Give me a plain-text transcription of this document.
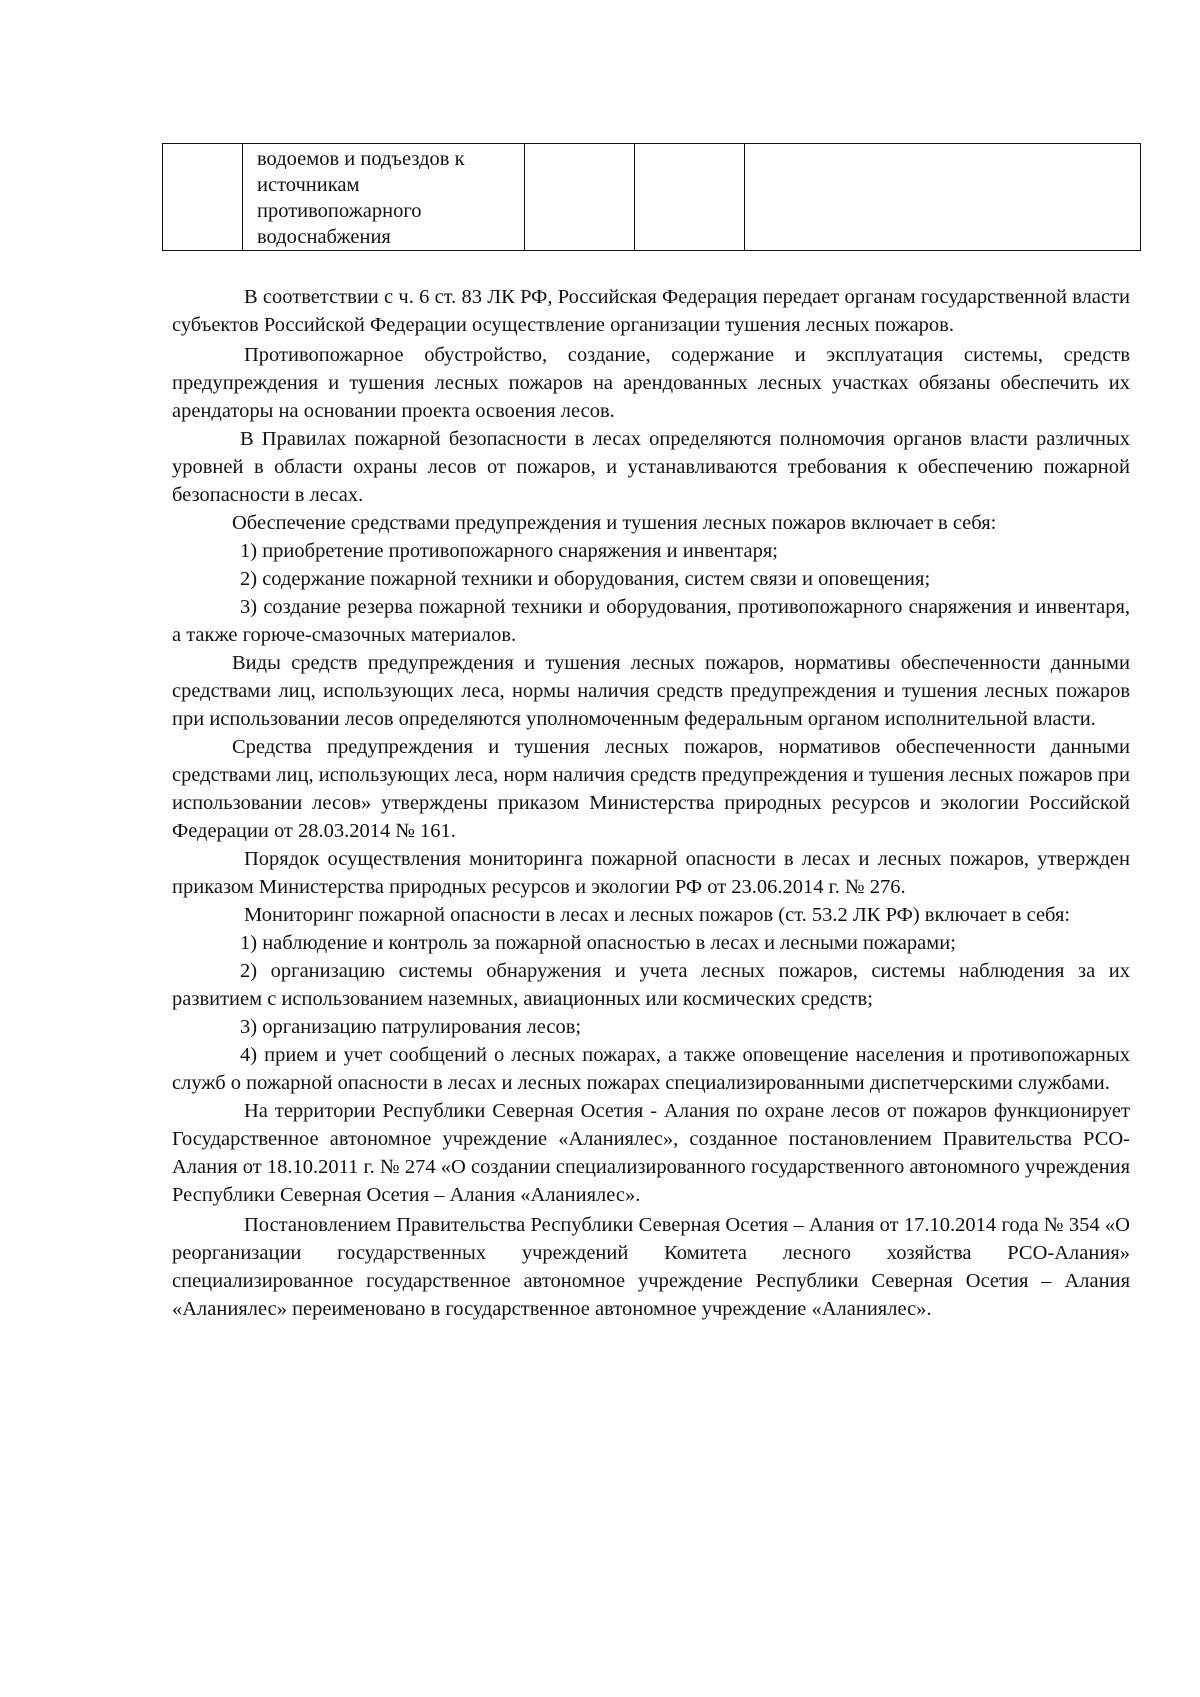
водоемов и подъездов к
источникам
противопожарного
водоснабжения

В соответствии с ч. 6 ст. 83 ЛК РФ, Российская Федерация передает органам государственной власти субъектов Российской Федерации осуществление организации тушения лесных пожаров.

Противопожарное обустройство, создание, содержание и эксплуатация системы, средств предупреждения и тушения лесных пожаров на арендованных лесных участках обязаны обеспечить их арендаторы на основании проекта освоения лесов.

В Правилах пожарной безопасности в лесах определяются полномочия органов власти различных уровней в области охраны лесов от пожаров, и устанавливаются требования к обеспечению пожарной безопасности в лесах.

Обеспечение средствами предупреждения и тушения лесных пожаров включает в себя:

1) приобретение противопожарного снаряжения и инвентаря;

2) содержание пожарной техники и оборудования, систем связи и оповещения;

3) создание резерва пожарной техники и оборудования, противопожарного снаряжения и инвентаря, а также горюче-смазочных материалов.

Виды средств предупреждения и тушения лесных пожаров, нормативы обеспеченности данными средствами лиц, использующих леса, нормы наличия средств предупреждения и тушения лесных пожаров при использовании лесов определяются уполномоченным федеральным органом исполнительной власти.

Средства предупреждения и тушения лесных пожаров, нормативов обеспеченности данными средствами лиц, использующих леса, норм наличия средств предупреждения и тушения лесных пожаров при использовании лесов» утверждены приказом Министерства природных ресурсов и экологии Российской Федерации от 28.03.2014 № 161.

Порядок осуществления мониторинга пожарной опасности в лесах и лесных пожаров, утвержден приказом Министерства природных ресурсов и экологии РФ от 23.06.2014 г. № 276.

Мониторинг пожарной опасности в лесах и лесных пожаров (ст. 53.2 ЛК РФ) включает в себя:

1) наблюдение и контроль за пожарной опасностью в лесах и лесными пожарами;

2) организацию системы обнаружения и учета лесных пожаров, системы наблюдения за их развитием с использованием наземных, авиационных или космических средств;

3) организацию патрулирования лесов;

4) прием и учет сообщений о лесных пожарах, а также оповещение населения и противопожарных служб о пожарной опасности в лесах и лесных пожарах специализированными диспетчерскими службами.

На территории Республики Северная Осетия - Алания по охране лесов от пожаров функционирует Государственное автономное учреждение «Аланиялес», созданное постановлением Правительства РСО-Алания от 18.10.2011 г. № 274 «О создании специализированного государственного автономного учреждения Республики Северная Осетия – Алания «Аланиялес».

Постановлением Правительства Республики Северная Осетия – Алания от 17.10.2014 года № 354 «О реорганизации государственных учреждений Комитета лесного хозяйства РСО-Алания» специализированное государственное автономное учреждение Республики Северная Осетия – Алания «Аланиялес» переименовано в государственное автономное учреждение «Аланиялес».
